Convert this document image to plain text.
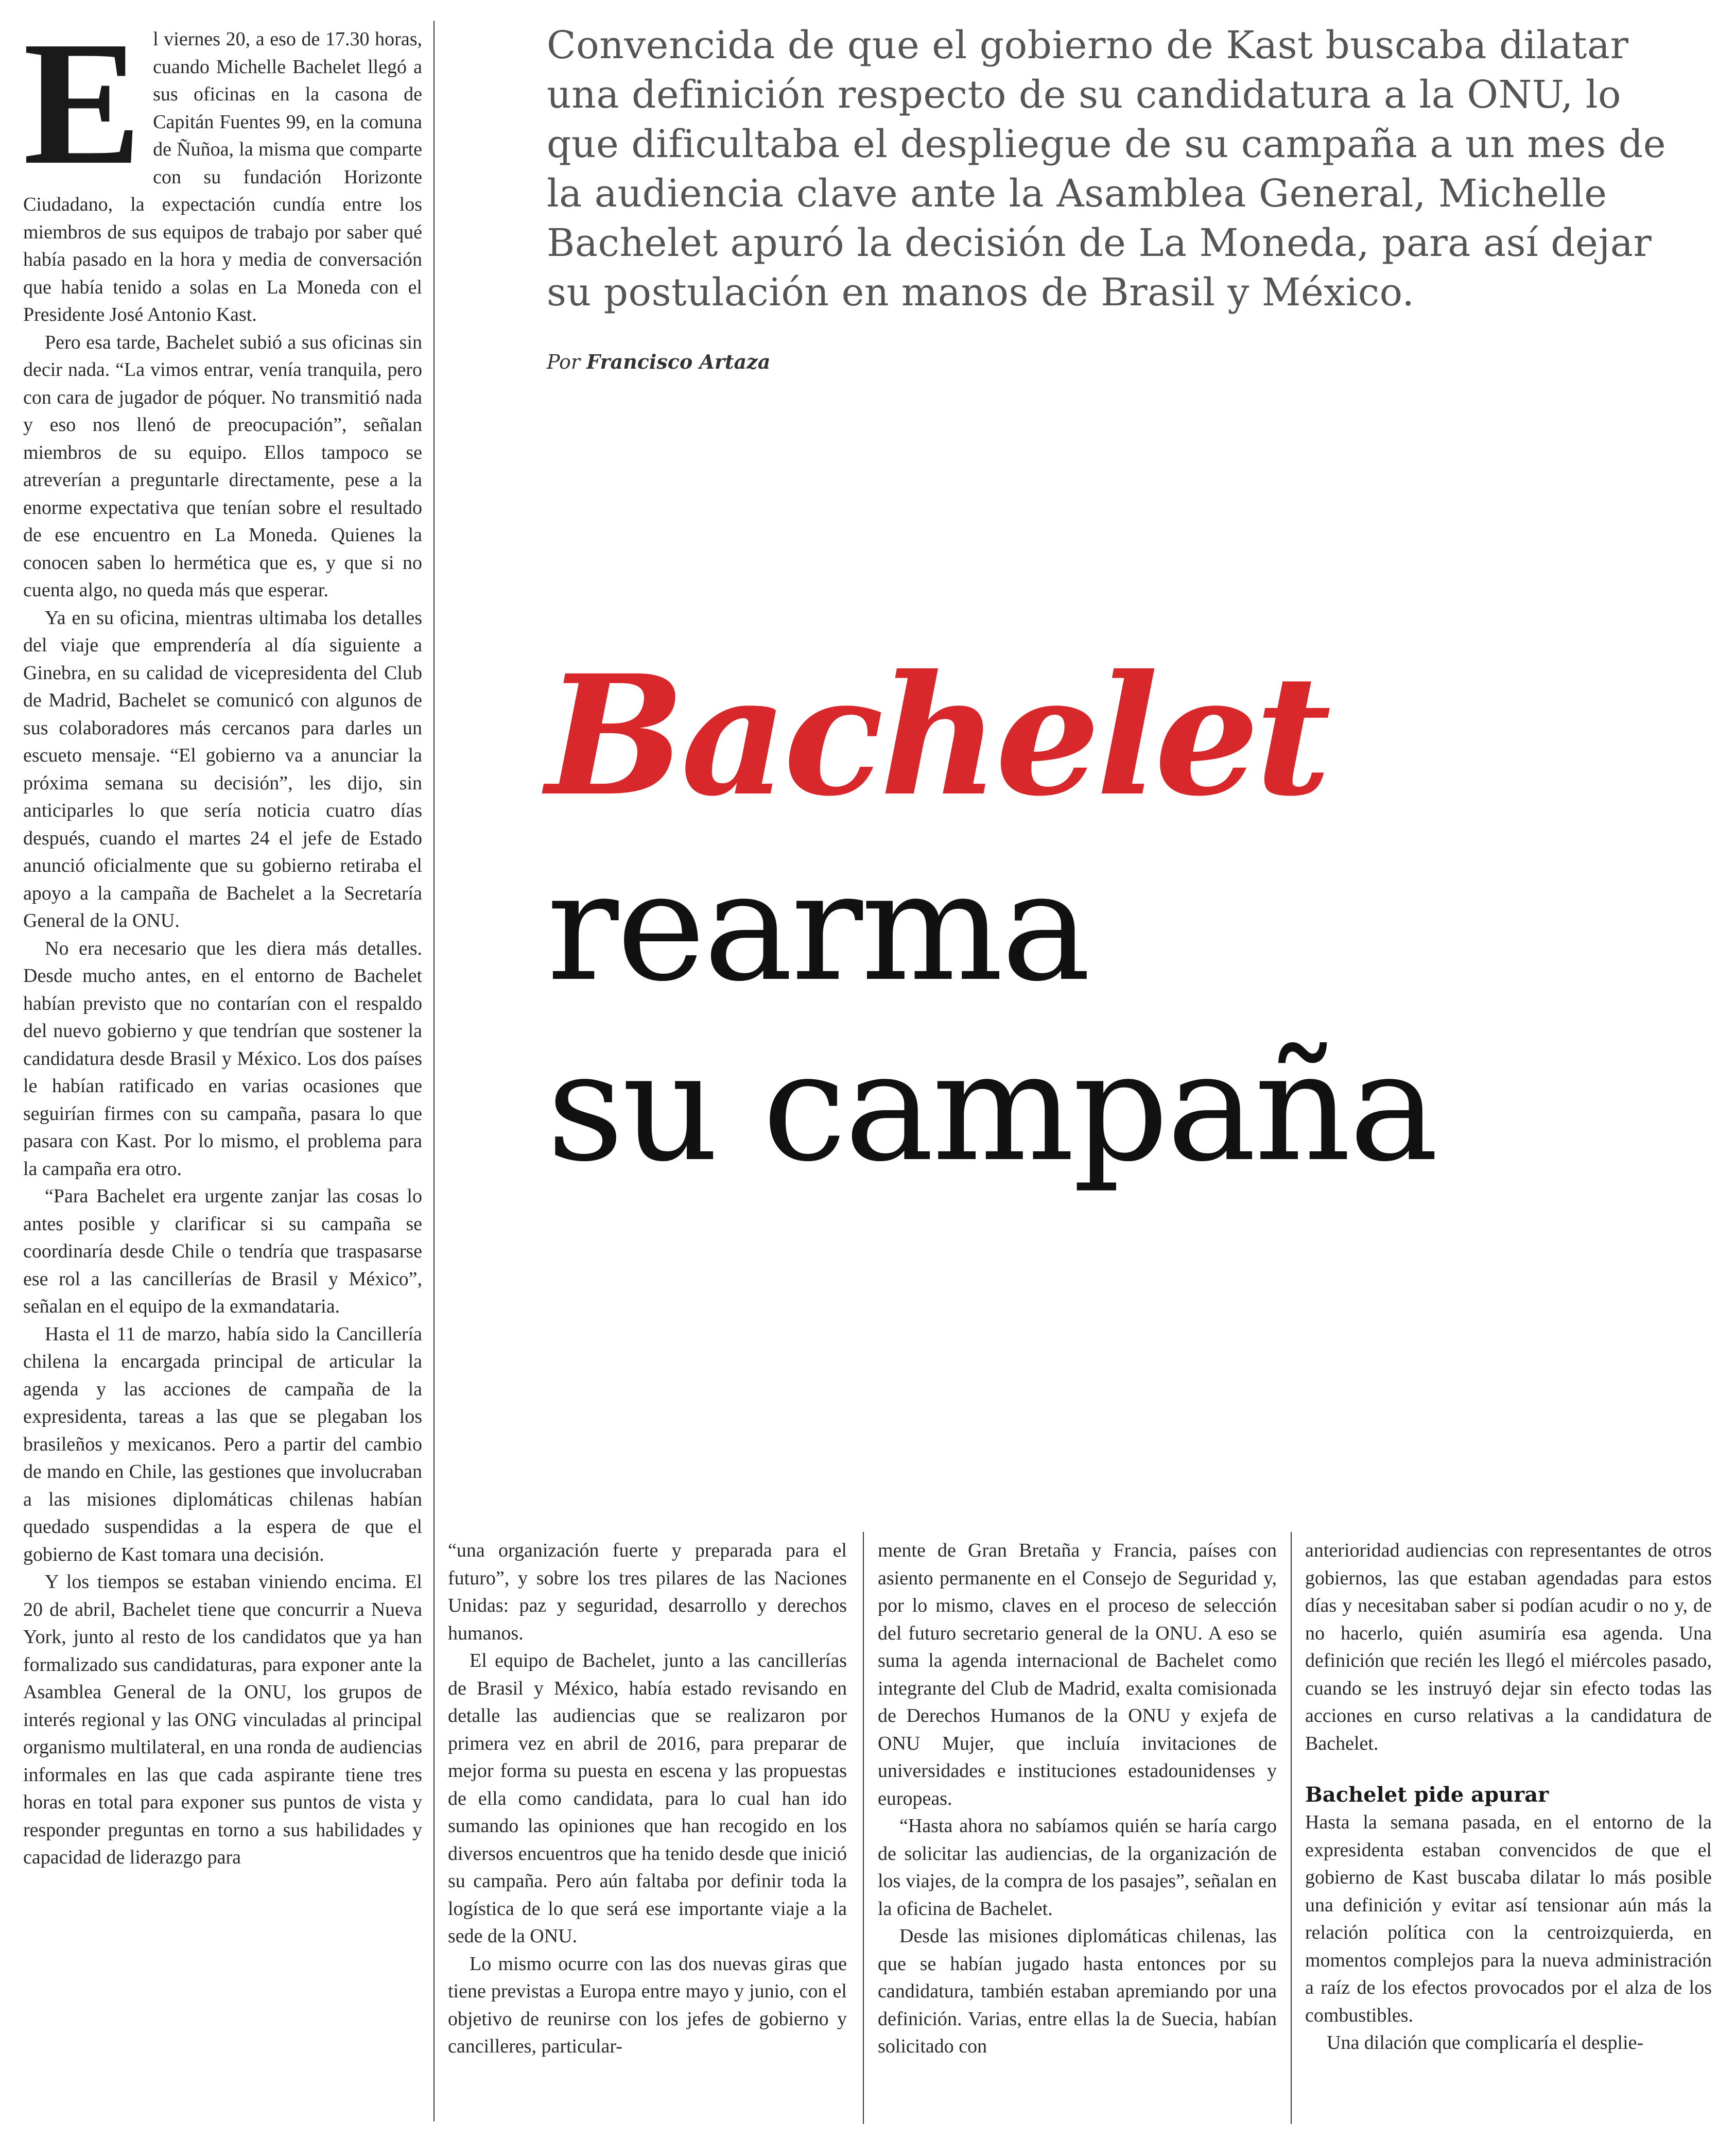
Convencida de que el gobierno de Kast buscaba dilatar una definición respecto de su candidatura a la ONU, lo que dificultaba el despliegue de su campaña a un mes de la audiencia clave ante la Asamblea General, Michelle Bachelet apuró la decisión de La Moneda, para así dejar su postulación en manos de Brasil y México.
Por Francisco Artaza
Bachelet
rearma
su campaña

El viernes 20, a eso de 17.30 horas, cuando Michelle Bachelet llegó a sus oficinas en la casona de Capitán Fuentes 99, en la comuna de Ñuñoa, la misma que comparte con su fundación Horizonte Ciudadano, la expectación cundía entre los miembros de sus equipos de trabajo por saber qué había pasado en la hora y media de conversación que había tenido a solas en La Moneda con el Presidente José Antonio Kast.

Pero esa tarde, Bachelet subió a sus oficinas sin decir nada. “La vimos entrar, venía tranquila, pero con cara de jugador de póquer. No transmitió nada y eso nos llenó de preocupación”, señalan miembros de su equipo. Ellos tampoco se atreverían a preguntarle directamente, pese a la enorme expectativa que tenían sobre el resultado de ese encuentro en La Moneda. Quienes la conocen saben lo hermética que es, y que si no cuenta algo, no queda más que esperar.

Ya en su oficina, mientras ultimaba los detalles del viaje que emprendería al día siguiente a Ginebra, en su calidad de vicepresidenta del Club de Madrid, Bachelet se comunicó con algunos de sus colaboradores más cercanos para darles un escueto mensaje. “El gobierno va a anunciar la próxima semana su decisión”, les dijo, sin anticiparles lo que sería noticia cuatro días después, cuando el martes 24 el jefe de Estado anunció oficialmente que su gobierno retiraba el apoyo a la campaña de Bachelet a la Secretaría General de la ONU.

No era necesario que les diera más detalles. Desde mucho antes, en el entorno de Bachelet habían previsto que no contarían con el respaldo del nuevo gobierno y que tendrían que sostener la candidatura desde Brasil y México. Los dos países le habían ratificado en varias ocasiones que seguirían firmes con su campaña, pasara lo que pasara con Kast. Por lo mismo, el problema para la campaña era otro.

“Para Bachelet era urgente zanjar las cosas lo antes posible y clarificar si su campaña se coordinaría desde Chile o tendría que traspasarse ese rol a las cancillerías de Brasil y México”, señalan en el equipo de la exmandataria.

Hasta el 11 de marzo, había sido la Cancillería chilena la encargada principal de articular la agenda y las acciones de campaña de la expresidenta, tareas a las que se plegaban los brasileños y mexicanos. Pero a partir del cambio de mando en Chile, las gestiones que involucraban a las misiones diplomáticas chilenas habían quedado suspendidas a la espera de que el gobierno de Kast tomara una decisión.

Y los tiempos se estaban viniendo encima. El 20 de abril, Bachelet tiene que concurrir a Nueva York, junto al resto de los candidatos que ya han formalizado sus candidaturas, para exponer ante la Asamblea General de la ONU, los grupos de interés regional y las ONG vinculadas al principal organismo multilateral, en una ronda de audiencias informales en las que cada aspirante tiene tres horas en total para exponer sus puntos de vista y responder preguntas en torno a sus habilidades y capacidad de liderazgo para

“una organización fuerte y preparada para el futuro”, y sobre los tres pilares de las Naciones Unidas: paz y seguridad, desarrollo y derechos humanos.

El equipo de Bachelet, junto a las cancillerías de Brasil y México, había estado revisando en detalle las audiencias que se realizaron por primera vez en abril de 2016, para preparar de mejor forma su puesta en escena y las propuestas de ella como candidata, para lo cual han ido sumando las opiniones que han recogido en los diversos encuentros que ha tenido desde que inició su campaña. Pero aún faltaba por definir toda la logística de lo que será ese importante viaje a la sede de la ONU.

Lo mismo ocurre con las dos nuevas giras que tiene previstas a Europa entre mayo y junio, con el objetivo de reunirse con los jefes de gobierno y cancilleres, particular-

mente de Gran Bretaña y Francia, países con asiento permanente en el Consejo de Seguridad y, por lo mismo, claves en el proceso de selección del futuro secretario general de la ONU. A eso se suma la agenda internacional de Bachelet como integrante del Club de Madrid, exalta comisionada de Derechos Humanos de la ONU y exjefa de ONU Mujer, que incluía invitaciones de universidades e instituciones estadounidenses y europeas.

“Hasta ahora no sabíamos quién se haría cargo de solicitar las audiencias, de la organización de los viajes, de la compra de los pasajes”, señalan en la oficina de Bachelet.

Desde las misiones diplomáticas chilenas, las que se habían jugado hasta entonces por su candidatura, también estaban apremiando por una definición. Varias, entre ellas la de Suecia, habían solicitado con

anterioridad audiencias con representantes de otros gobiernos, las que estaban agendadas para estos días y necesitaban saber si podían acudir o no y, de no hacerlo, quién asumiría esa agenda. Una definición que recién les llegó el miércoles pasado, cuando se les instruyó dejar sin efecto todas las acciones en curso relativas a la candidatura de Bachelet.

Bachelet pide apurar

Hasta la semana pasada, en el entorno de la expresidenta estaban convencidos de que el gobierno de Kast buscaba dilatar lo más posible una definición y evitar así tensionar aún más la relación política con la centroizquierda, en momentos complejos para la nueva administración a raíz de los efectos provocados por el alza de los combustibles.

Una dilación que complicaría el desplie-
